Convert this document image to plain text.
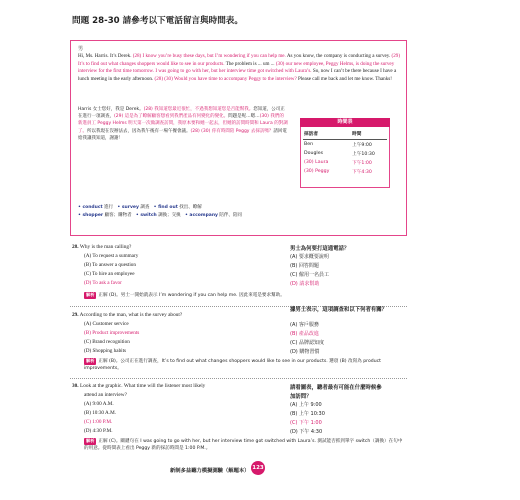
問題 28-30 請參考以下電話留言與時間表。
男
Hi, Ms. Harris. It’s Derek. (28) I know you’re busy these days, but I’m wondering if you can help me. As you know, the company is conducting a survey. (29) It’s to find out what changes shoppers would like to see in our products. The problem is ... um ... (30) our new employee, Peggy Helms, is doing the survey interview for the first time tomorrow. I was going to go with her, but her interview time got switched with Laura’s. So, now I can’t be there because I have a lunch meeting in the early afternoon. (28) (30) Would you have time to accompany Peggy to the interview? Please call me back and let me know. Thanks!
Harris 女士您好，我是 Derek。(28) 我知道您最近很忙，不過我想知道您是否能幫我。您知道，公司正在進行一項調查，(29) 這是為了瞭解顧客想看到我們產品有何變化的變化。問題是呢…嗯…(30) 我們的新進員工 Peggy Helms 明天第一次做調查訪問，我原本要和她一起去，但她的訪問時間和 Laura 的對調了。所以我現在沒辦法去，因為我午後有一場午餐會議。(28) (30) 你有時間陪 Peggy 去採訪嗎？請回電給我讓我知道，謝謝！
時間表
採訪者	時間
Ben	上午9:00
Dougles	上午10:30
(30) Laura	下午1:00
(30) Peggy	下午4:30
• conduct 進行 • survey 調查 • find out 找出、瞭解
• shopper 顧客；購物者 • switch 調換；交換 • accompany 陪伴、陪同
28. Why is the man calling?
(A) To request a summary
(B) To answer a question
(C) To hire an employee
(D) To ask a favor
男士為何要打這通電話？
(A) 要求概要說明
(B) 回答問題
(C) 僱用一名員工
(D) 請求幫助
解析 正解 (D)。男士一開始就表示 I’m wondering if you can help me. 因此來電是要求幫助。
29. According to the man, what is the survey about?
(A) Customer service
(B) Product improvements
(C) Brand recognition
(D) Shopping habits
據男士表示，這項調查和以下何者有關？
(A) 客戶服務
(B) 產品改進
(C) 品牌認知度
(D) 購物習慣
解析 正解 (B)。公司正在進行調查，It’s to find out what changes shoppers would like to see in our products. 選項 (B) 改寫為 product improvements。
30. Look at the graphic. What time will the listener most likely
attend an interview?
(A) 9:00 A.M.
(B) 10:30 A.M.
(C) 1:00 P.M.
(D) 4:30 P.M.
請看圖表，聽者最有可能在什麼時候參
加訪問？
(A) 上午 9:00
(B) 上午 10:30
(C) 下午 1:00
(D) 下午 4:30
解析 正解 (C)。關鍵句在 I was going to go with her, but her interview time got switched with Laura’s. 測試能否抓到單字 switch（調換）在句中的用意。從時間表上看出 Peggy 新的採訪時間是 1:00 P.M.。
新制多益聽力模擬測驗（解題本） 123
